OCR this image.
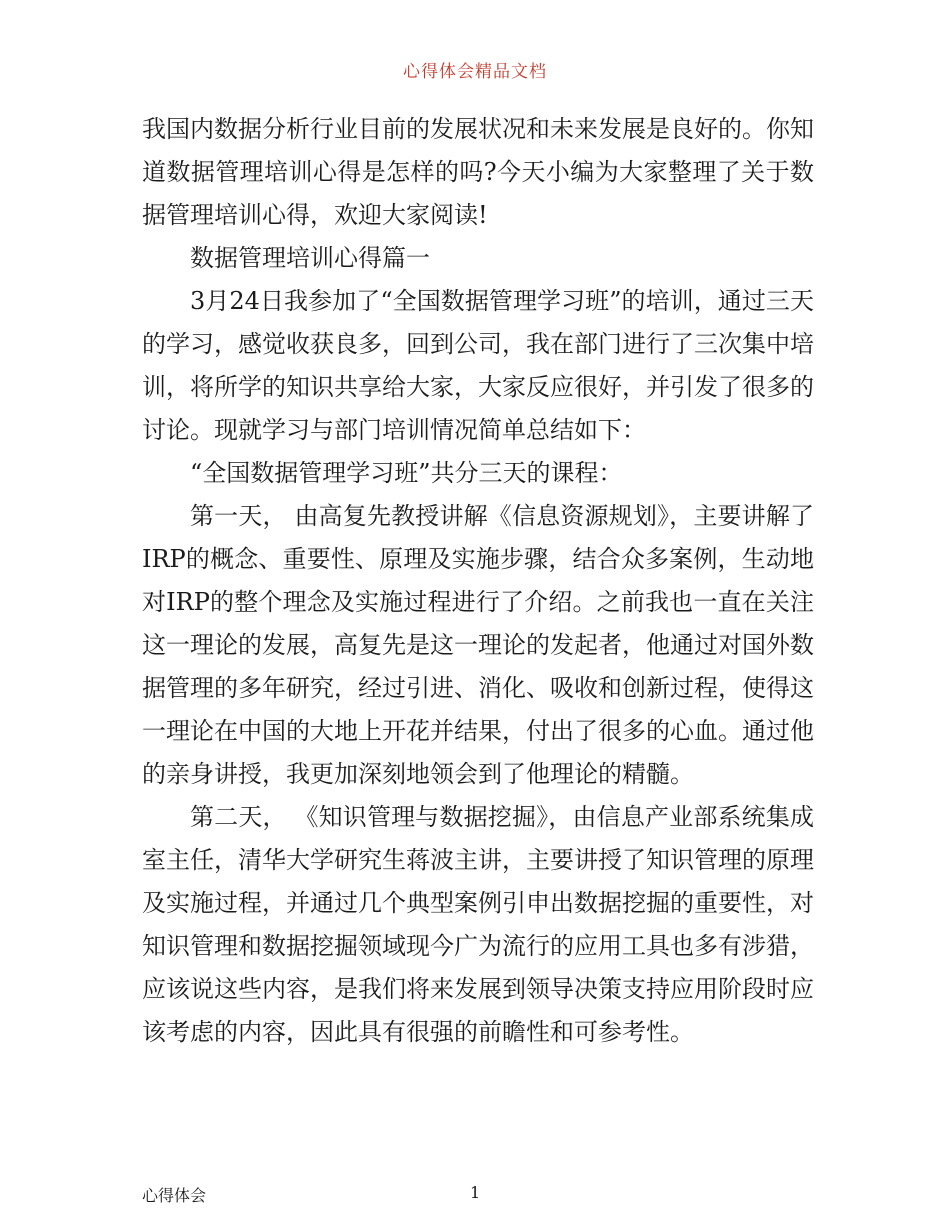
心得体会精品文档

我国内数据分析行业目前的发展状况和未来发展是良好的。你知道数据管理培训心得是怎样的吗?今天小编为大家整理了关于数据管理培训心得，欢迎大家阅读!

数据管理培训心得篇一

3月24日我参加了“全国数据管理学习班”的培训，通过三天的学习，感觉收获良多，回到公司，我在部门进行了三次集中培训，将所学的知识共享给大家，大家反应很好，并引发了很多的讨论。现就学习与部门培训情况简单总结如下：

“全国数据管理学习班”共分三天的课程：

第一天， 由高复先教授讲解《信息资源规划》，主要讲解了IRP的概念、重要性、原理及实施步骤，结合众多案例，生动地对IRP的整个理念及实施过程进行了介绍。之前我也一直在关注这一理论的发展，高复先是这一理论的发起者，他通过对国外数据管理的多年研究，经过引进、消化、吸收和创新过程，使得这一理论在中国的大地上开花并结果，付出了很多的心血。通过他的亲身讲授，我更加深刻地领会到了他理论的精髓。

第二天， 《知识管理与数据挖掘》，由信息产业部系统集成室主任，清华大学研究生蒋波主讲，主要讲授了知识管理的原理及实施过程，并通过几个典型案例引申出数据挖掘的重要性，对知识管理和数据挖掘领域现今广为流行的应用工具也多有涉猎，应该说这些内容，是我们将来发展到领导决策支持应用阶段时应该考虑的内容，因此具有很强的前瞻性和可参考性。

心得体会	1
